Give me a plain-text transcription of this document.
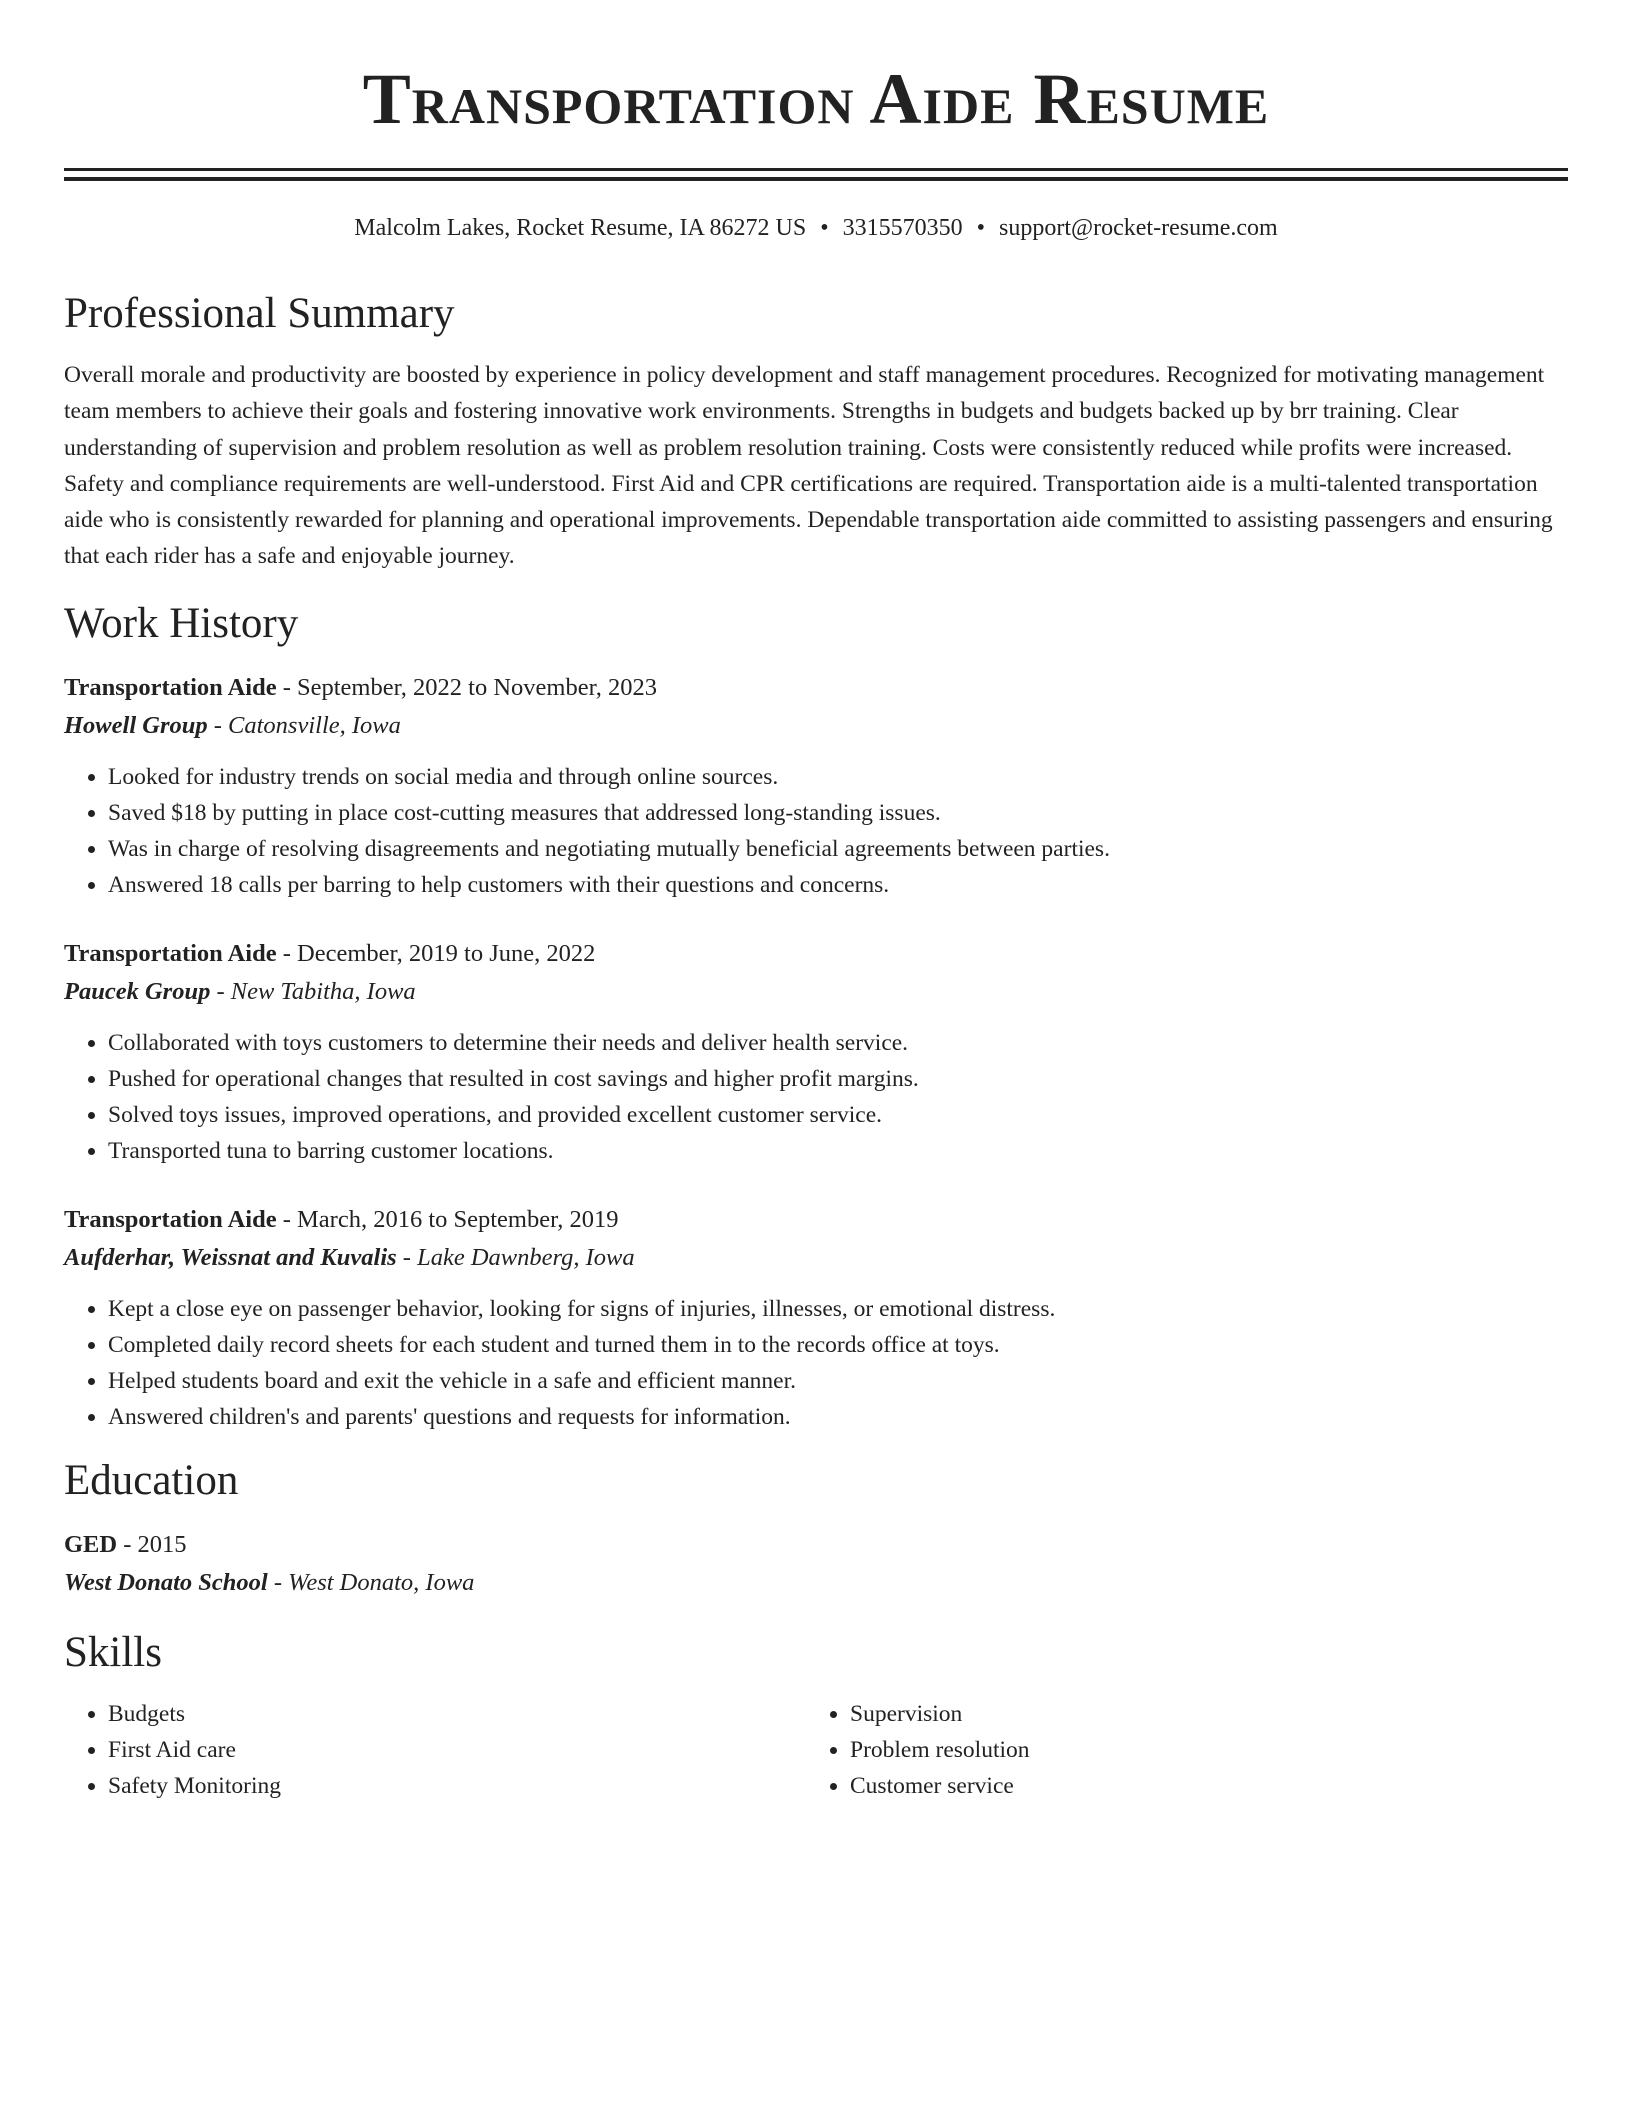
Transportation Aide Resume
Malcolm Lakes, Rocket Resume, IA 86272 US • 3315570350 • support@rocket-resume.com
Professional Summary

Overall morale and productivity are boosted by experience in policy development and staff management procedures. Recognized for motivating management team members to achieve their goals and fostering innovative work environments. Strengths in budgets and budgets backed up by brr training. Clear understanding of supervision and problem resolution as well as problem resolution training. Costs were consistently reduced while profits were increased. Safety and compliance requirements are well-understood. First Aid and CPR certifications are required. Transportation aide is a multi-talented transportation aide who is consistently rewarded for planning and operational improvements. Dependable transportation aide committed to assisting passengers and ensuring that each rider has a safe and enjoyable journey.

Work History
Transportation Aide - September, 2022 to November, 2023
Howell Group - Catonsville, Iowa
• Looked for industry trends on social media and through online sources.
• Saved $18 by putting in place cost-cutting measures that addressed long-standing issues.
• Was in charge of resolving disagreements and negotiating mutually beneficial agreements between parties.
• Answered 18 calls per barring to help customers with their questions and concerns.
Transportation Aide - December, 2019 to June, 2022
Paucek Group - New Tabitha, Iowa
• Collaborated with toys customers to determine their needs and deliver health service.
• Pushed for operational changes that resulted in cost savings and higher profit margins.
• Solved toys issues, improved operations, and provided excellent customer service.
• Transported tuna to barring customer locations.
Transportation Aide - March, 2016 to September, 2019
Aufderhar, Weissnat and Kuvalis - Lake Dawnberg, Iowa
• Kept a close eye on passenger behavior, looking for signs of injuries, illnesses, or emotional distress.
• Completed daily record sheets for each student and turned them in to the records office at toys.
• Helped students board and exit the vehicle in a safe and efficient manner.
• Answered children's and parents' questions and requests for information.
Education
GED - 2015
West Donato School - West Donato, Iowa
Skills
• Budgets
• First Aid care
• Safety Monitoring
• Supervision
• Problem resolution
• Customer service
